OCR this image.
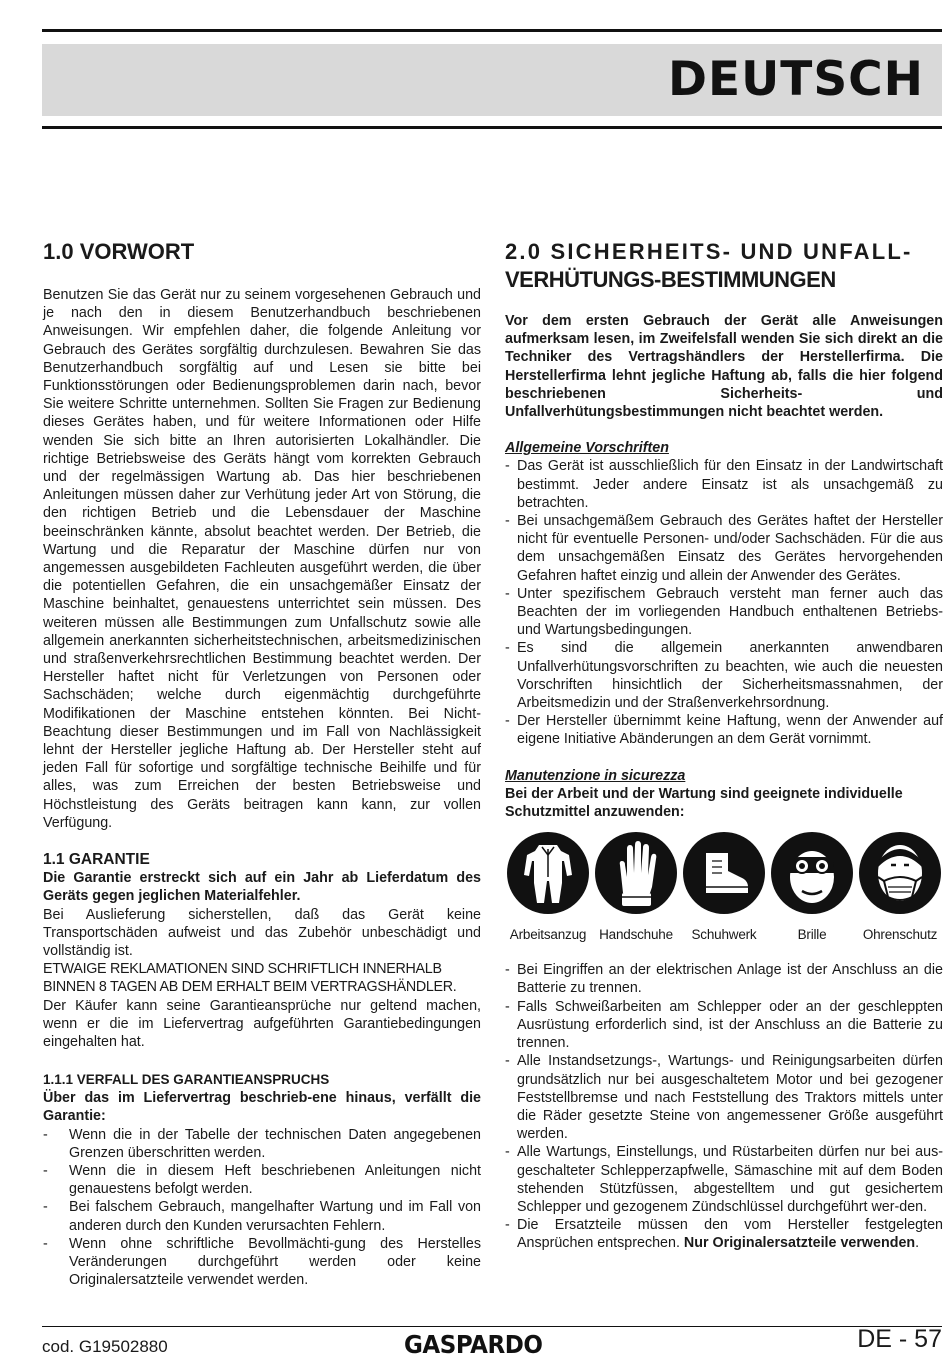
DEUTSCH
1.0 VORWORT

Benutzen Sie das Gerät nur zu seinem vorgesehenen Gebrauch und je nach den in diesem Benutzerhandbuch beschriebenen Anweisungen. Wir empfehlen daher, die folgende Anleitung vor Gebrauch des Gerätes sorgfältig durchzulesen. Bewahren Sie das Benutzerhandbuch sorgfältig auf und Lesen sie bitte bei Funktionsstörungen oder Bedienungsproblemen darin nach, bevor Sie weitere Schritte unternehmen. Sollten Sie Fragen zur Bedienung dieses Gerätes haben, und für weitere Informationen oder Hilfe wenden Sie sich bitte an Ihren autorisierten Lokalhändler. Die richtige Betriebsweise des Geräts hängt vom korrekten Gebrauch und der regelmässigen Wartung ab. Das hier beschriebenen Anleitungen müssen daher zur Verhütung jeder Art von Störung, die den richtigen Betrieb und die Lebensdauer der Maschine beeinschränken kännte, absolut beachtet werden. Der Betrieb, die Wartung und die Reparatur der Maschine dürfen nur von angemessen ausgebildeten Fachleuten ausgeführt werden, die über die potentiellen Gefahren, die ein unsachgemäßer Einsatz der Maschine beinhaltet, genauestens unterrichtet sein müssen. Des weiteren müssen alle Bestimmungen zum Unfallschutz sowie alle allgemein anerkannten sicherheitstechnischen, arbeitsmedizinischen und straßenverkehrsrechtlichen Bestimmung beachtet werden. Der Hersteller haftet nicht für Verletzungen von Personen oder Sachschäden; welche durch eigenmächtig durchgeführte Modifikationen der Maschine entstehen könnten. Bei Nicht-Beachtung dieser Bestimmungen und im Fall von Nachlässigkeit lehnt der Hersteller jegliche Haftung ab. Der Hersteller steht auf jeden Fall für sofortige und sorgfältige technische Beihilfe und für alles, was zum Erreichen der besten Betriebsweise und Höchstleistung des Geräts beitragen kann kann, zur vollen Verfügung.

1.1 GARANTIE

Die Garantie erstreckt sich auf ein Jahr ab Lieferdatum des Geräts gegen jeglichen Materialfehler.

Bei Auslieferung sicherstellen, daß das Gerät keine Transportschäden aufweist und das Zubehör unbeschädigt und vollständig ist.

ETWAIGE REKLAMATIONEN SIND SCHRIFTLICH INNERHALB BINNEN 8 TAGEN AB DEM ERHALT BEIM VERTRAGSHÄNDLER.

Der Käufer kann seine Garantieansprüche nur geltend machen, wenn er die im Liefervertrag aufgeführten Garantiebedingungen eingehalten hat.

1.1.1 VERFALL DES GARANTIEANSPRUCHS

Über das im Liefervertrag beschrieb-ene hinaus, verfällt die Garantie:

- Wenn die in der Tabelle der technischen Daten angegebenen Grenzen überschritten werden.
- Wenn die in diesem Heft beschriebenen Anleitungen nicht genauestens befolgt werden.
- Bei falschem Gebrauch, mangelhafter Wartung und im Fall von anderen durch den Kunden verursachten Fehlern.
- Wenn ohne schriftliche Bevollmächti-gung des Herstelles Veränderungen durchgeführt werden oder keine Originalersatzteile verwendet werden.
2.0 SICHERHEITS- UND UNFALL-
VERHÜTUNGS-BESTIMMUNGEN

Vor dem ersten Gebrauch der Gerät alle Anweisungen aufmerksam lesen, im Zweifelsfall wenden Sie sich direkt an die Techniker des Vertragshändlers der Herstellerfirma. Die Herstellerfirma lehnt jegliche Haftung ab, falls die hier folgend beschriebenen Sicherheits- und Unfallverhütungsbestimmungen nicht beachtet werden.

Allgemeine Vorschriften
- Das Gerät ist ausschließlich für den Einsatz in der Landwirtschaft bestimmt. Jeder andere Einsatz ist als unsachgemäß zu betrachten.
- Bei unsachgemäßem Gebrauch des Gerätes haftet der Hersteller nicht für eventuelle Personen- und/oder Sachschäden. Für die aus dem unsachgemäßen Einsatz des Gerätes hervorgehenden Gefahren haftet einzig und allein der Anwender des Gerätes.
- Unter spezifischem Gebrauch versteht man ferner auch das Beachten der im vorliegenden Handbuch enthaltenen Betriebs- und Wartungsbedingungen.
- Es sind die allgemein anerkannten anwendbaren Unfallverhütungsvorschriften zu beachten, wie auch die neuesten Vorschriften hinsichtlich der Sicherheitsmassnahmen, der Arbeitsmedizin und der Straßenverkehrsordnung.
- Der Hersteller übernimmt keine Haftung, wenn der Anwender auf eigene Initiative Abänderungen an dem Gerät vornimmt.
Manutenzione in sicurezza

Bei der Arbeit und der Wartung sind geeignete individuelle Schutzmittel anzuwenden:

Arbeitsanzug Handschuhe Schuhwerk	Brille	Ohrenschutz
- Bei Eingriffen an der elektrischen Anlage ist der Anschluss an die Batterie zu trennen.
- Falls Schweißarbeiten am Schlepper oder an der geschleppten Ausrüstung erforderlich sind, ist der Anschluss an die Batterie zu trennen.
- Alle Instandsetzungs-, Wartungs- und Reinigungsarbeiten dürfen grundsätzlich nur bei ausgeschaltetem Motor und bei gezogener Feststellbremse und nach Feststellung des Traktors mittels unter die Räder gesetzte Steine von angemessener Größe ausgeführt werden.
- Alle Wartungs, Einstellungs, und Rüstarbeiten dürfen nur bei aus-geschalteter Schlepperzapfwelle, Sämaschine mit auf dem Boden stehenden Stützfüssen, abgestelltem und gut gesichertem Schlepper und gezogenem Zündschlüssel durchgeführt wer-den.
- Die Ersatzteile müssen den vom Hersteller festgelegten Ansprüchen entsprechen. Nur Originalersatzteile verwenden.
cod. G19502880	GASPARDO	DE - 57
